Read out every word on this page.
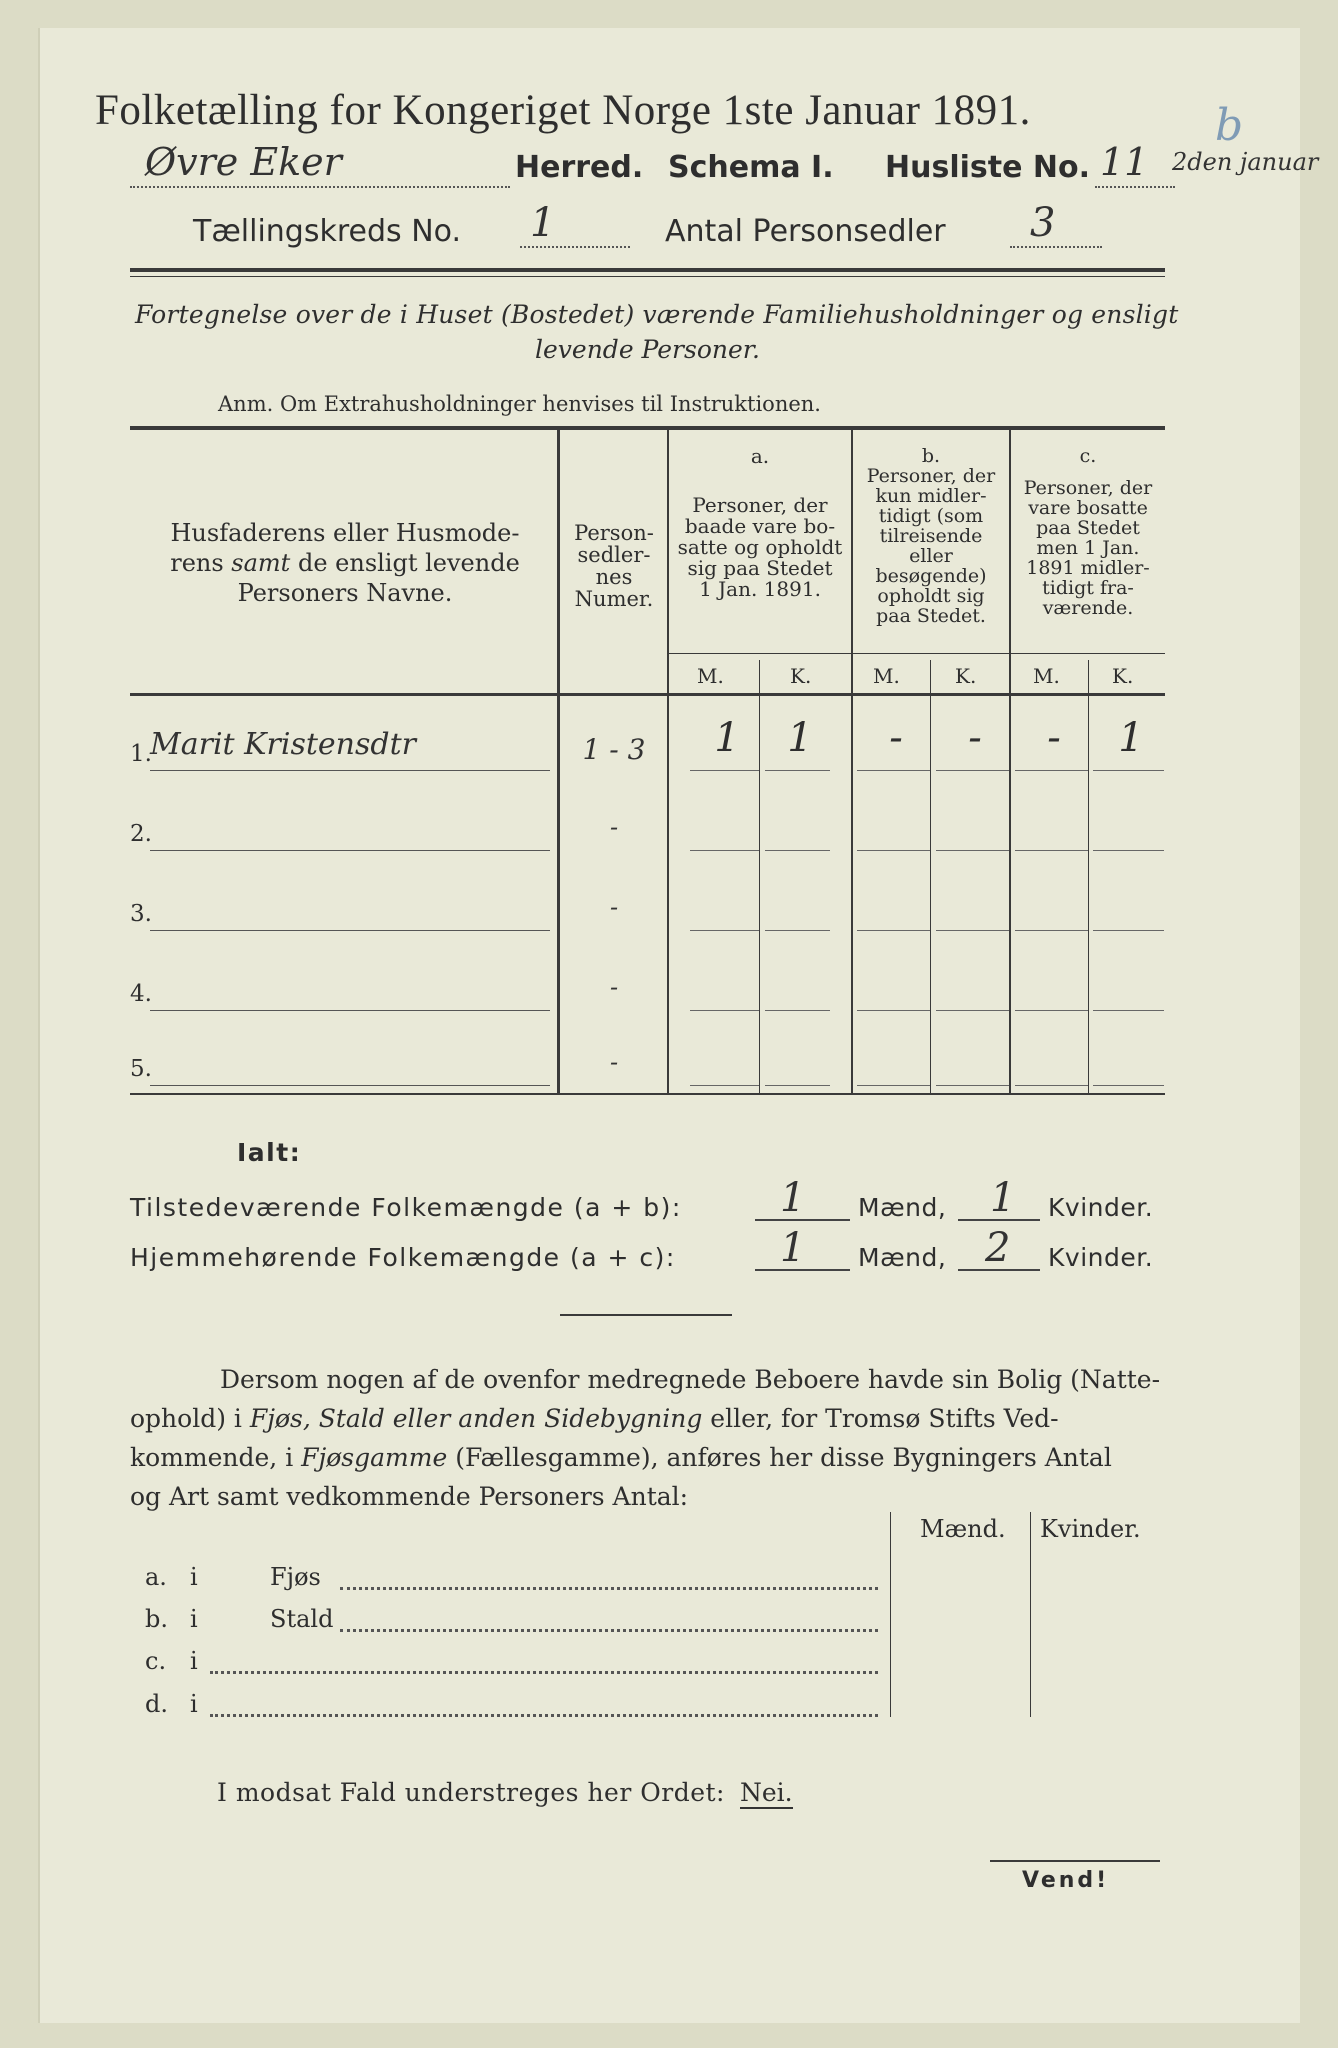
Folketælling for Kongeriget Norge 1ste Januar 1891.	b
Øvre Eker	Herred. Schema I. Husliste No. 11 2den januar
Tællingskreds No. 1	Antal Personsedler 3
Fortegnelse over de i Huset (Bostedet) værende Familiehusholdninger og ensligt
levende Personer.
Anm. Om Extrahusholdninger henvises til Instruktionen.
Husfaderens eller Husmode-
rens samt de ensligt levende
Personers Navne.
Person-
sedler-
nes
Numer.
a.
Personer, der
baade vare bo-
satte og opholdt
sig paa Stedet
1 Jan. 1891.
b.
Personer, der
kun midler-
tidigt (som
tilreisende
eller
besøgende)
opholdt sig
paa Stedet.
c.
Personer, der
vare bosatte
paa Stedet
men 1 Jan.
1891 midler-
tidigt fra-
værende.
M.	K.	M.	K.	M.	K.
1.
Marit Kristensdtr	1 - 3	1	1	-	-	-	1
2.	-
3.	-
4.	-
5.	-
Ialt:
Tilstedeværende Folkemængde (a + b): 1 Mænd, 1 Kvinder.
Hjemmehørende Folkemængde (a + c):	1 Mænd, 2 Kvinder.
Dersom nogen af de ovenfor medregnede Beboere havde sin Bolig (Natte-
ophold) i Fjøs, Stald eller anden Sidebygning eller, for Tromsø Stifts Ved-
kommende, i Fjøsgamme (Fællesgamme), anføres her disse Bygningers Antal
og Art samt vedkommende Personers Antal:
Mænd. Kvinder.
a. i	Fjøs
b. i	Stald
c. i
d. i
I modsat Fald understreges her Ordet: Nei.
Vend!
